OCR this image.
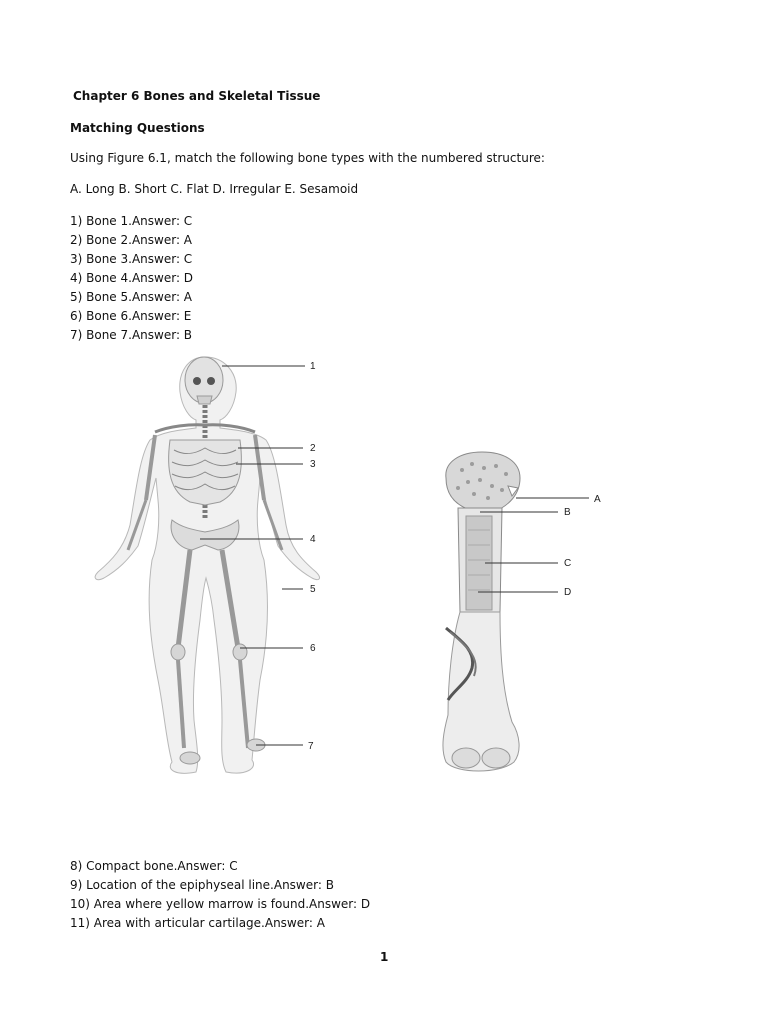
Chapter 6 Bones and Skeletal Tissue
Matching Questions
Using Figure 6.1, match the following bone types with the numbered structure:
A. Long B. Short C. Flat D. Irregular E. Sesamoid
1) Bone 1.Answer: C
2) Bone 2.Answer: A
3) Bone 3.Answer: C
4) Bone 4.Answer: D
5) Bone 5.Answer: A
6) Bone 6.Answer: E
7) Bone 7.Answer: B
1
2
3
4
5
6
7
A
B
C
D
8) Compact bone.Answer: C
9) Location of the epiphyseal line.Answer: B
10) Area where yellow marrow is found.Answer: D
11) Area with articular cartilage.Answer: A
1
